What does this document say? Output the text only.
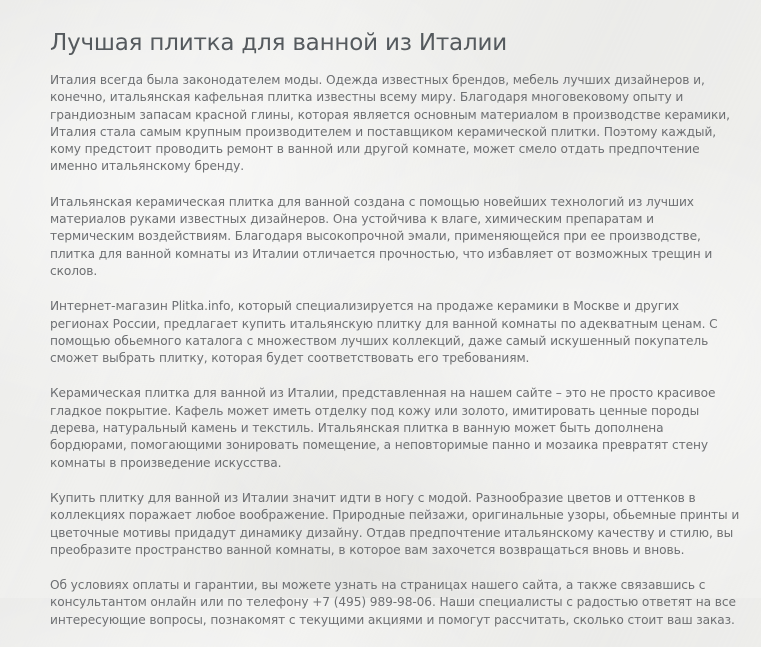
Лучшая плитка для ванной из Италии

Италия всегда была законодателем моды. Одежда известных брендов, мебель лучших дизайнеров и, конечно, итальянская кафельная плитка известны всему миру. Благодаря многовековому опыту и грандиозным запасам красной глины, которая является основным материалом в производстве керамики, Италия стала самым крупным производителем и поставщиком керамической плитки. Поэтому каждый, кому предстоит проводить ремонт в ванной или другой комнате, может смело отдать предпочтение именно итальянскому бренду.

Итальянская керамическая плитка для ванной создана с помощью новейших технологий из лучших материалов руками известных дизайнеров. Она устойчива к влаге, химическим препаратам и термическим воздействиям. Благодаря высокопрочной эмали, применяющейся при ее производстве, плитка для ванной комнаты из Италии отличается прочностью, что избавляет от возможных трещин и сколов.

Интернет-магазин Plitka.info, который специализируется на продаже керамики в Москве и других регионах России, предлагает купить итальянскую плитку для ванной комнаты по адекватным ценам. С помощью обьемного каталога с множеством лучших коллекций, даже самый искушенный покупатель сможет выбрать плитку, которая будет соответствовать его требованиям.

Керамическая плитка для ванной из Италии, представленная на нашем сайте – это не просто красивое гладкое покрытие. Кафель может иметь отделку под кожу или золото, имитировать ценные породы дерева, натуральный камень и текстиль. Итальянская плитка в ванную может быть дополнена бордюрами, помогающими зонировать помещение, а неповторимые панно и мозаика превратят стену комнаты в произведение искусства.

Купить плитку для ванной из Италии значит идти в ногу с модой. Разнообразие цветов и оттенков в коллекциях поражает любое воображение. Природные пейзажи, оригинальные узоры, обьемные принты и цветочные мотивы придадут динамику дизайну. Отдав предпочтение итальянскому качеству и стилю, вы преобразите пространство ванной комнаты, в которое вам захочется возвращаться вновь и вновь.

Об условиях оплаты и гарантии, вы можете узнать на страницах нашего сайта, а также связавшись с консультантом онлайн или по телефону +7 (495) 989-98-06. Наши специалисты с радостью ответят на все интересующие вопросы, познакомят с текущими акциями и помогут рассчитать, сколько стоит ваш заказ.
